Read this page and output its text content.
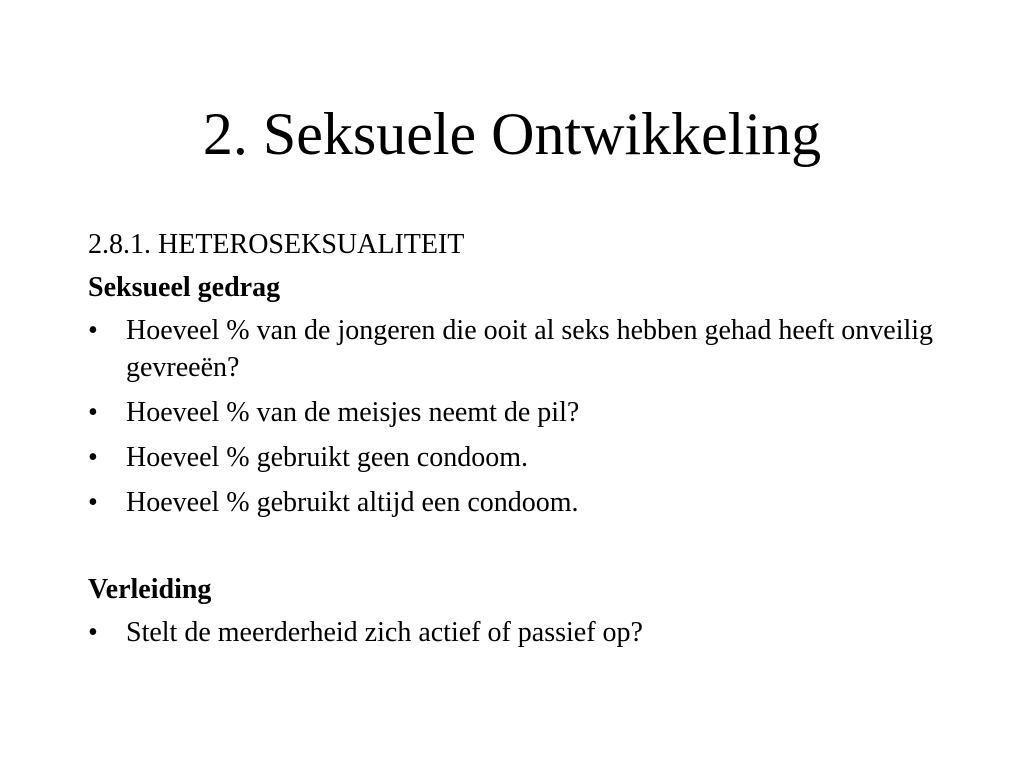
2. Seksuele Ontwikkeling

2.8.1. HETEROSEKSUALITEIT

Seksueel gedrag

•	Hoeveel % van de jongeren die ooit al seks hebben gehad heeft onveilig gevreeën?
•	Hoeveel % van de meisjes neemt de pil?
•	Hoeveel % gebruikt geen condoom.
•	Hoeveel % gebruikt altijd een condoom.

Verleiding

•	Stelt de meerderheid zich actief of passief op?
